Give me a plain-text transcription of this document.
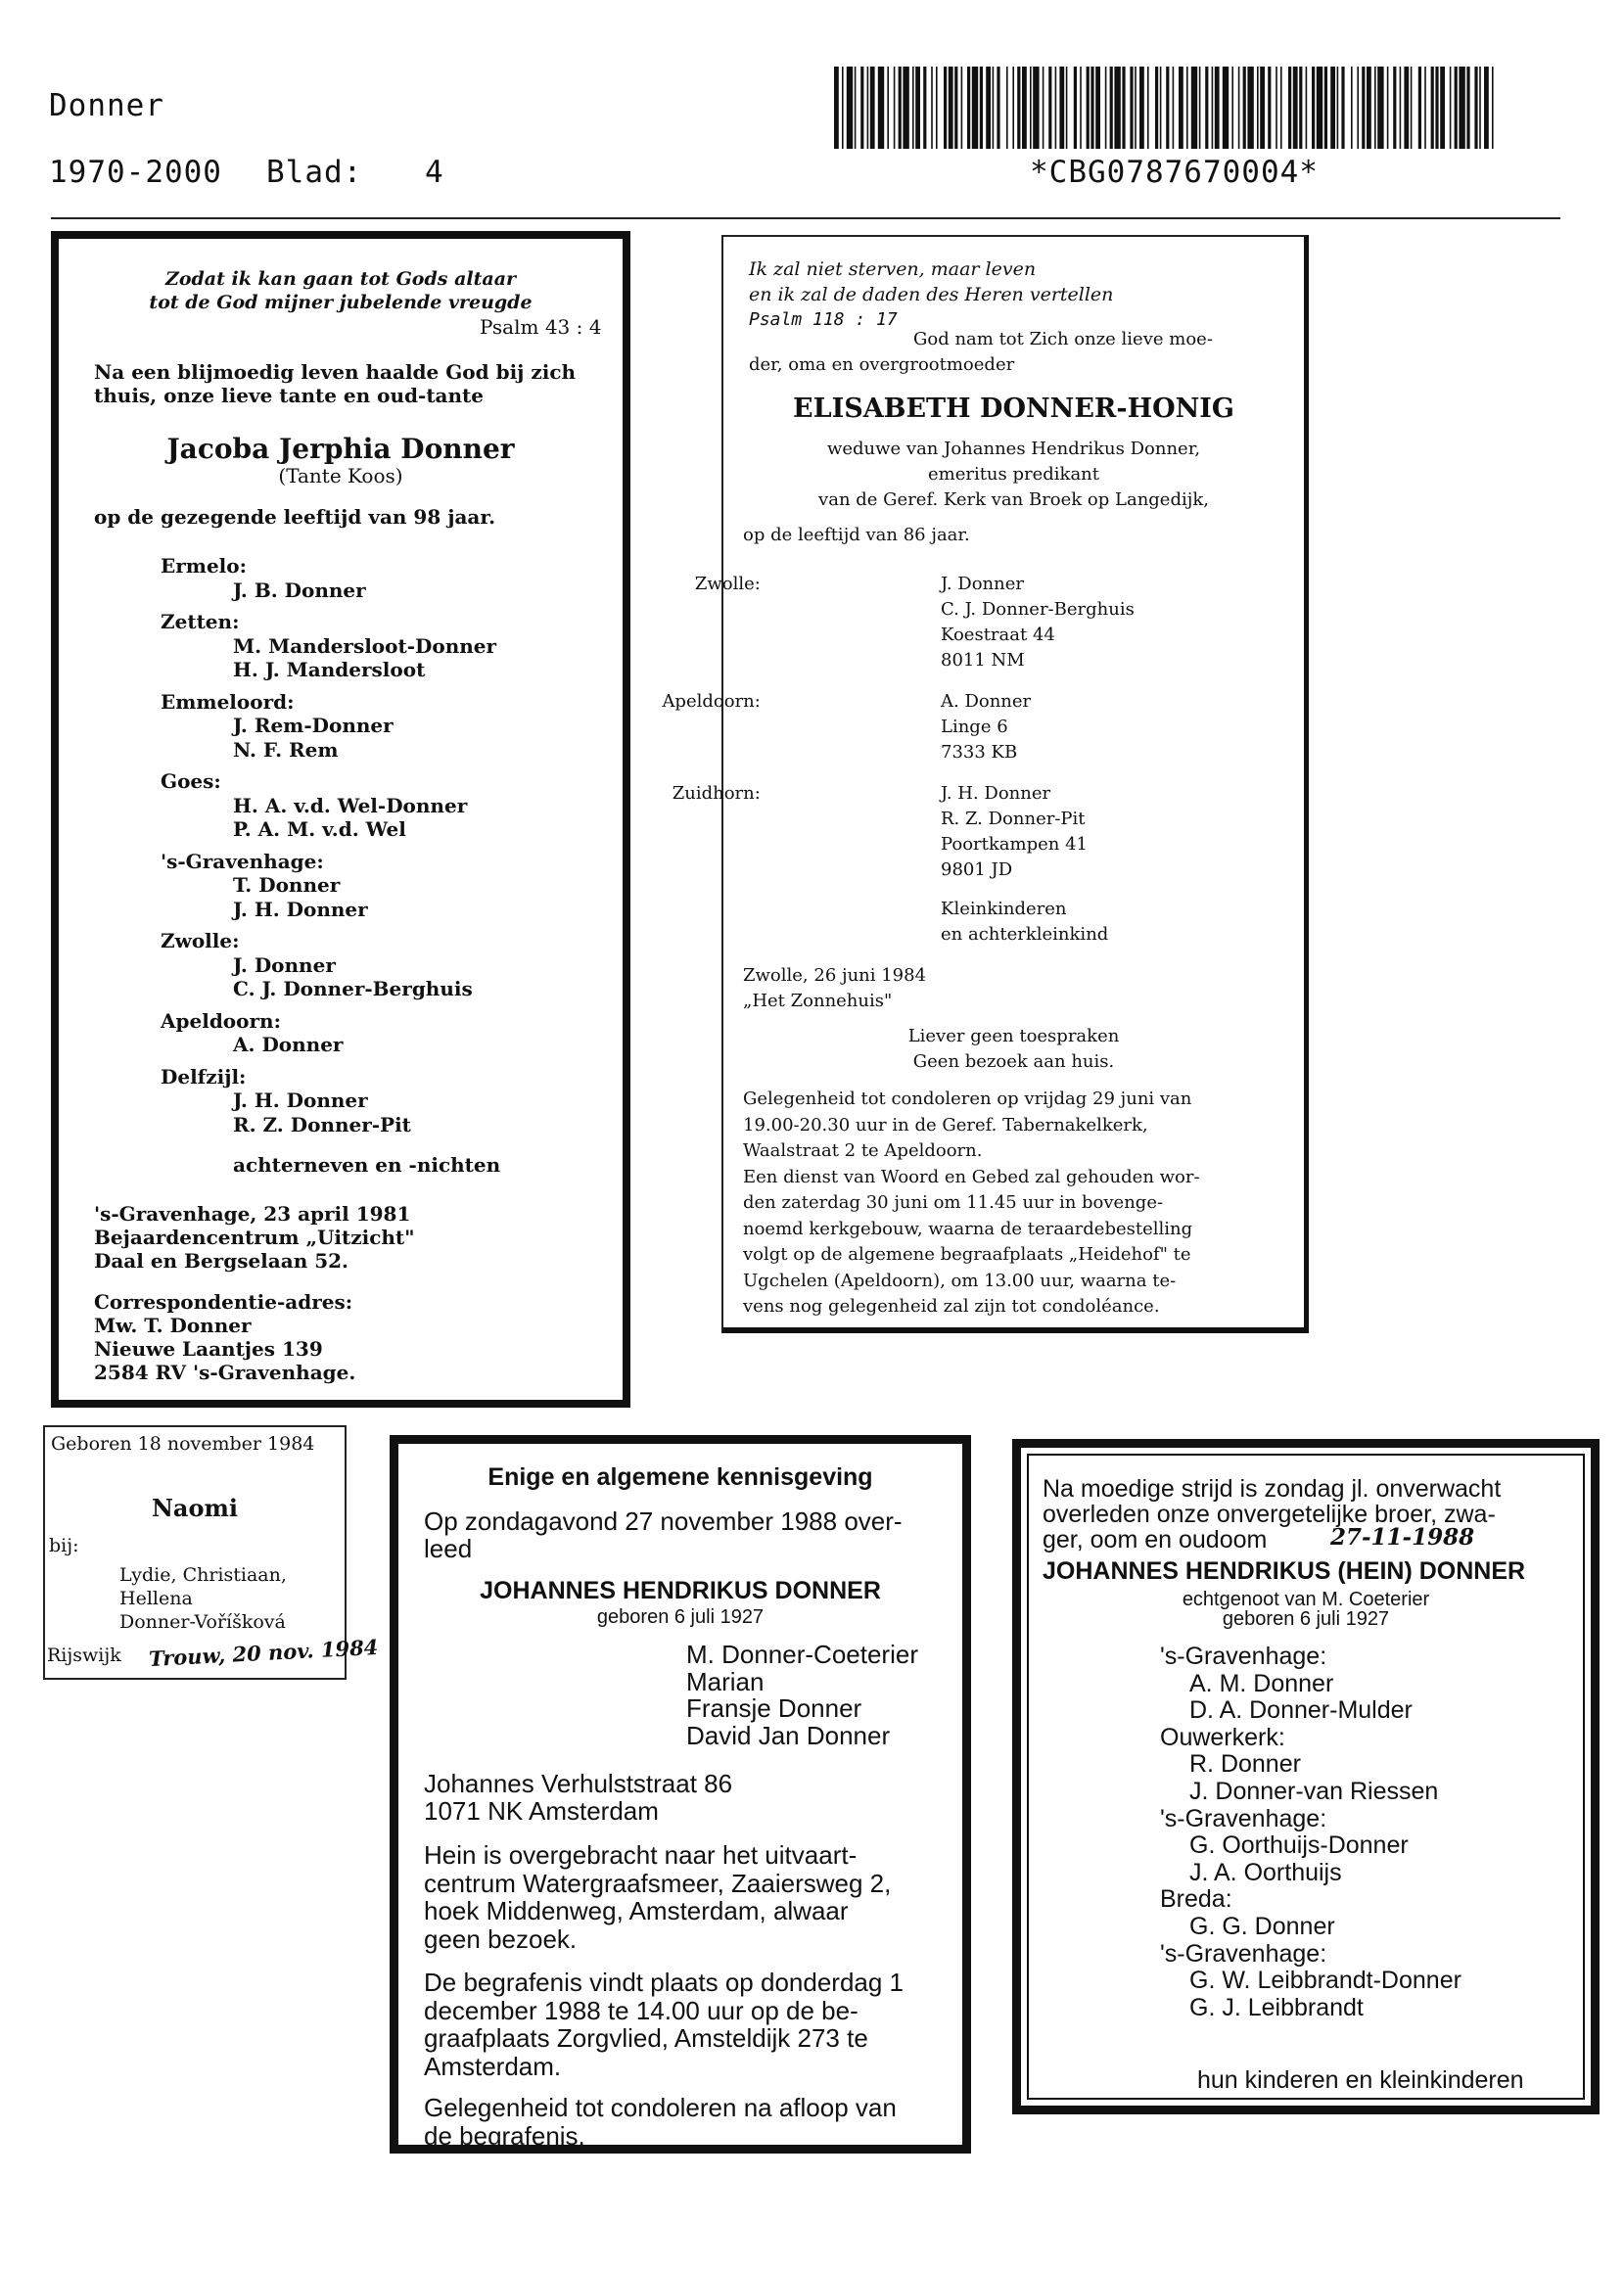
Donner
1970-2000 Blad: 4	*CBG0787670004*
Zodat ik kan gaan tot Gods altaar
tot de God mijner jubelende vreugde
Psalm 43 : 4
Na een blijmoedig leven haalde God bij zich
thuis, onze lieve tante en oud-tante
Jacoba Jerphia Donner
(Tante Koos)
op de gezegende leeftijd van 98 jaar.
Ermelo:
J. B. Donner
Zetten:
M. Mandersloot-Donner
H. J. Mandersloot
Emmeloord:
J. Rem-Donner
N. F. Rem
Goes:
H. A. v.d. Wel-Donner
P. A. M. v.d. Wel
's-Gravenhage:
T. Donner
J. H. Donner
Zwolle:
J. Donner
C. J. Donner-Berghuis
Apeldoorn:
A. Donner
Delfzijl:
J. H. Donner
R. Z. Donner-Pit
achterneven en -nichten
's-Gravenhage, 23 april 1981
Bejaardencentrum „Uitzicht"
Daal en Bergselaan 52.
Correspondentie-adres:
Mw. T. Donner
Nieuwe Laantjes 139
2584 RV 's-Gravenhage.
Ik zal niet sterven, maar leven
en ik zal de daden des Heren vertellen
Psalm 118 : 17
God nam tot Zich onze lieve moe-
der, oma en overgrootmoeder
ELISABETH DONNER-HONIG
weduwe van Johannes Hendrikus Donner,
emeritus predikant
van de Geref. Kerk van Broek op Langedijk,
op de leeftijd van 86 jaar.
Zwolle:	J. Donner
C. J. Donner-Berghuis
Koestraat 44
8011 NM
Apeldoorn:	A. Donner
Linge 6
7333 KB
Zuidhorn:	J. H. Donner
R. Z. Donner-Pit
Poortkampen 41
9801 JD
Kleinkinderen
en achterkleinkind
Zwolle, 26 juni 1984
„Het Zonnehuis"
Liever geen toespraken
Geen bezoek aan huis.
Gelegenheid tot condoleren op vrijdag 29 juni van
19.00-20.30 uur in de Geref. Tabernakelkerk,
Waalstraat 2 te Apeldoorn.
Een dienst van Woord en Gebed zal gehouden wor-
den zaterdag 30 juni om 11.45 uur in bovenge-
noemd kerkgebouw, waarna de teraardebestelling
volgt op de algemene begraafplaats „Heidehof" te
Ugchelen (Apeldoorn), om 13.00 uur, waarna te-
vens nog gelegenheid zal zijn tot condoléance.
Geboren 18 november 1984
Naomi
bij:
Lydie, Christiaan,
Hellena
Donner-Voříšková
Rijswijk Trouw, 20 nov. 1984
Enige en algemene kennisgeving
Op zondagavond 27 november 1988 over-
leed
JOHANNES HENDRIKUS DONNER
geboren 6 juli 1927
M. Donner-Coeterier
Marian
Fransje Donner
David Jan Donner
Johannes Verhulststraat 86
1071 NK Amsterdam
Hein is overgebracht naar het uitvaart-
centrum Watergraafsmeer, Zaaiersweg 2,
hoek Middenweg, Amsterdam, alwaar
geen bezoek.
De begrafenis vindt plaats op donderdag 1
december 1988 te 14.00 uur op de be-
graafplaats Zorgvlied, Amsteldijk 273 te
Amsterdam.
Gelegenheid tot condoleren na afloop van
de begrafenis.
Na moedige strijd is zondag jl. onverwacht
overleden onze onvergetelijke broer, zwa-
ger, oom en oudoom	27-11-1988
JOHANNES HENDRIKUS (HEIN) DONNER
echtgenoot van M. Coeterier
geboren 6 juli 1927
's-Gravenhage:
A. M. Donner
D. A. Donner-Mulder
Ouwerkerk:
R. Donner
J. Donner-van Riessen
's-Gravenhage:
G. Oorthuijs-Donner
J. A. Oorthuijs
Breda:
G. G. Donner
's-Gravenhage:
G. W. Leibbrandt-Donner
G. J. Leibbrandt
hun kinderen en kleinkinderen
